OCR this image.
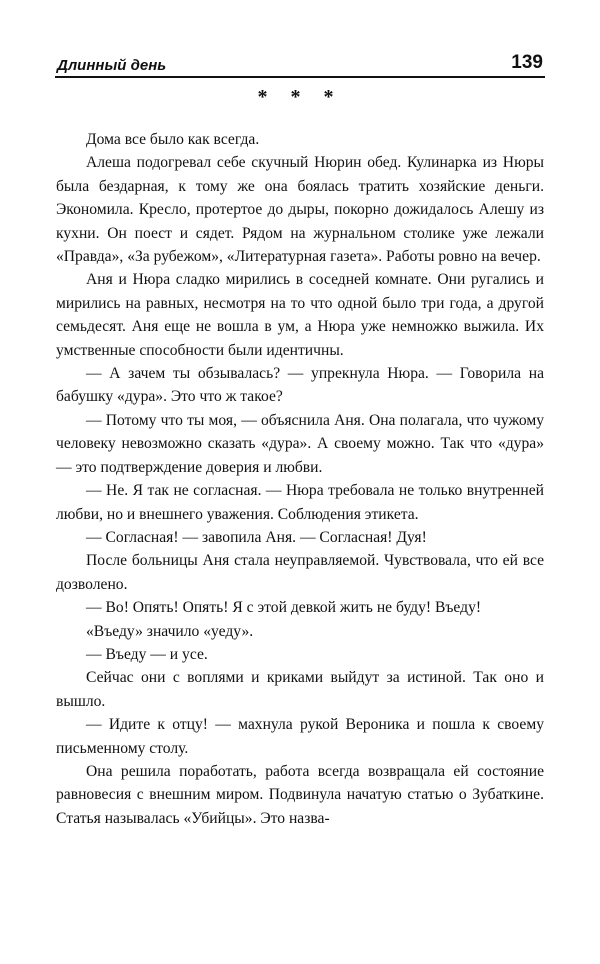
Длинный день	139
* * *

Дома все было как всегда.

Алеша подогревал себе скучный Нюрин обед. Кулинарка из Нюры была бездарная, к тому же она боялась тратить хозяйские деньги. Экономила. Кресло, протертое до дыры, покорно дожидалось Алешу из кухни. Он поест и сядет. Рядом на журнальном столике уже лежали «Правда», «За рубежом», «Литературная газета». Работы ровно на вечер.

Аня и Нюра сладко мирились в соседней комнате. Они ругались и мирились на равных, несмотря на то что одной было три года, а другой семьдесят. Аня еще не вошла в ум, а Нюра уже немножко выжила. Их умственные способности были идентичны.

— А зачем ты обзывалась? — упрекнула Нюра. — Говорила на бабушку «дура». Это что ж такое?

— Потому что ты моя, — объяснила Аня. Она полагала, что чужому человеку невозможно сказать «дура». А своему можно. Так что «дура» — это подтверждение доверия и любви.

— Не. Я так не согласная. — Нюра требовала не только внутренней любви, но и внешнего уважения. Соблюдения этикета.

— Согласная! — завопила Аня. — Согласная! Дуя!

После больницы Аня стала неуправляемой. Чувствовала, что ей все дозволено.

— Во! Опять! Опять! Я с этой девкой жить не буду! Въеду!

«Въеду» значило «уеду».

— Въеду — и усе.

Сейчас они с воплями и криками выйдут за истиной. Так оно и вышло.

— Идите к отцу! — махнула рукой Вероника и пошла к своему письменному столу.

Она решила поработать, работа всегда возвращала ей состояние равновесия с внешним миром. Подвинула начатую статью о Зубаткине. Статья называлась «Убийцы». Это назва-
